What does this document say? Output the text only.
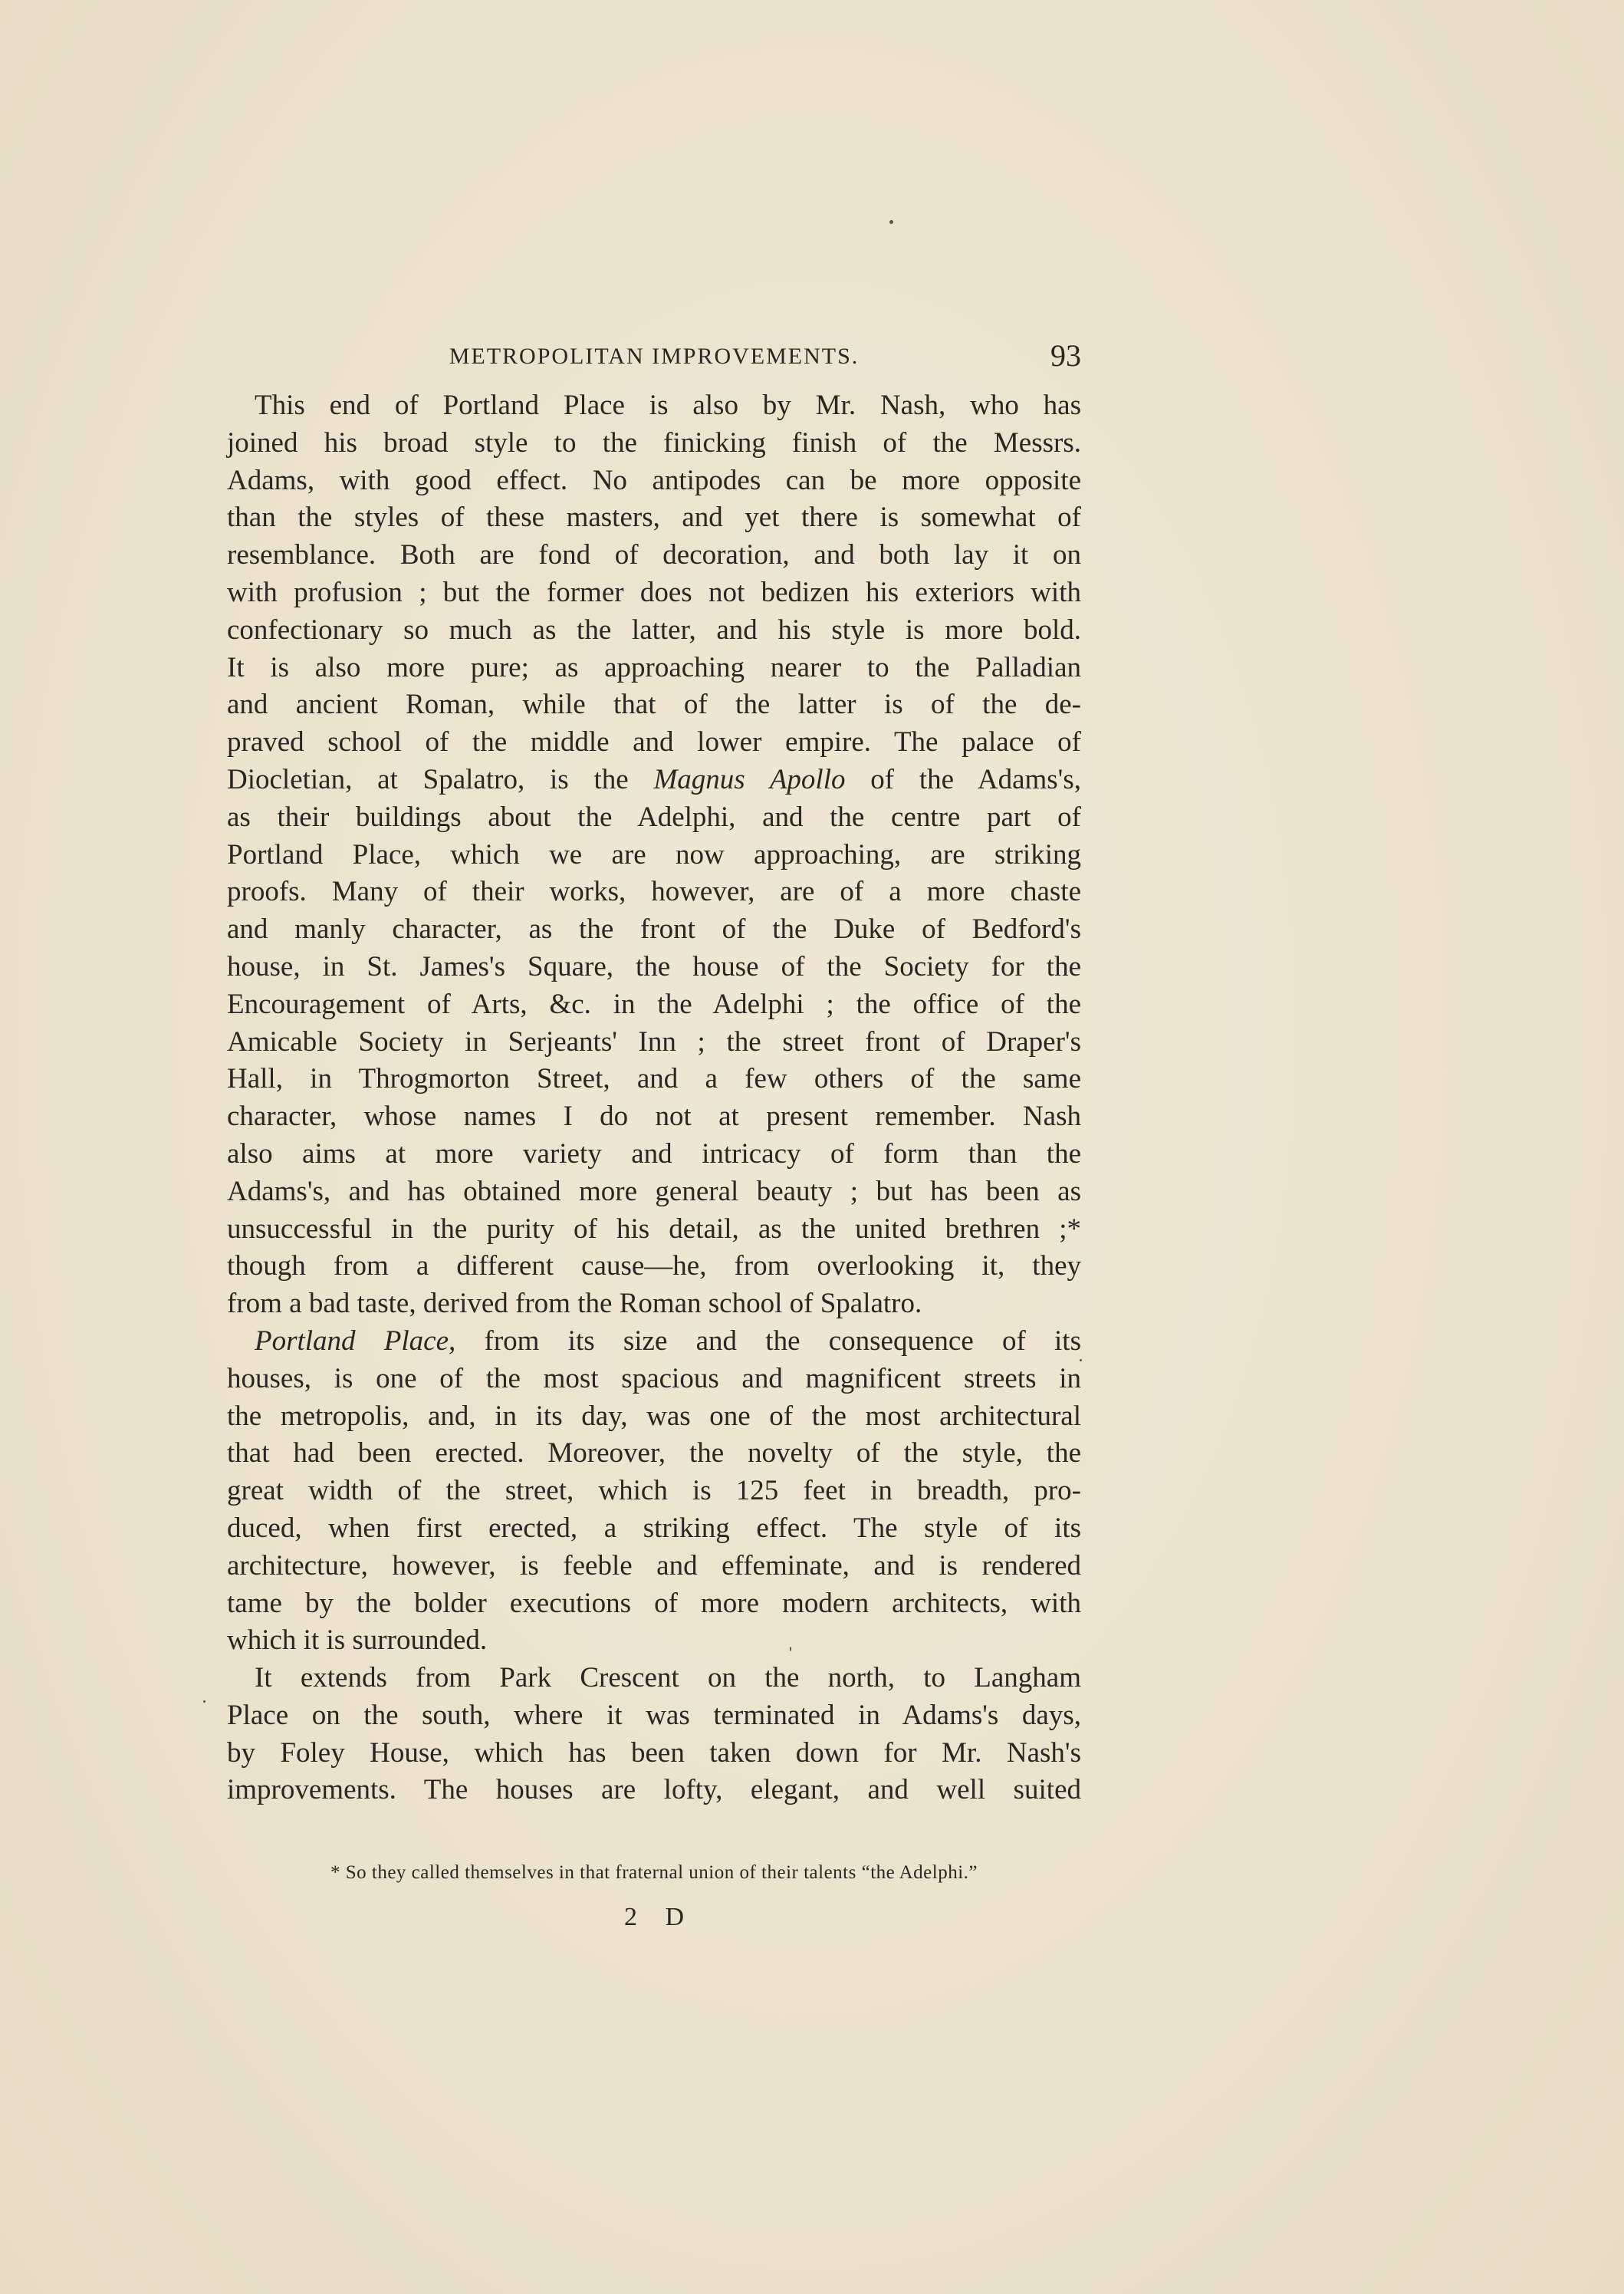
METROPOLITAN IMPROVEMENTS.	93
This end of Portland Place is also by Mr. Nash, who has
joined his broad style to the finicking finish of the Messrs.
Adams, with good effect. No antipodes can be more opposite
than the styles of these masters, and yet there is somewhat of
resemblance. Both are fond of decoration, and both lay it on
with profusion ; but the former does not bedizen his exteriors with
confectionary so much as the latter, and his style is more bold.
It is also more pure; as approaching nearer to the Palladian
and ancient Roman, while that of the latter is of the de-
praved school of the middle and lower empire. The palace of
Diocletian, at Spalatro, is the Magnus Apollo of the Adams's,
as their buildings about the Adelphi, and the centre part of
Portland Place, which we are now approaching, are striking
proofs. Many of their works, however, are of a more chaste
and manly character, as the front of the Duke of Bedford's
house, in St. James's Square, the house of the Society for the
Encouragement of Arts, &c. in the Adelphi ; the office of the
Amicable Society in Serjeants' Inn ; the street front of Draper's
Hall, in Throgmorton Street, and a few others of the same
character, whose names I do not at present remember. Nash
also aims at more variety and intricacy of form than the
Adams's, and has obtained more general beauty ; but has been as
unsuccessful in the purity of his detail, as the united brethren ;*
though from a different cause—he, from overlooking it, they
from a bad taste, derived from the Roman school of Spalatro.
Portland Place, from its size and the consequence of its
houses, is one of the most spacious and magnificent streets in
the metropolis, and, in its day, was one of the most architectural
that had been erected. Moreover, the novelty of the style, the
great width of the street, which is 125 feet in breadth, pro-
duced, when first erected, a striking effect. The style of its
architecture, however, is feeble and effeminate, and is rendered
tame by the bolder executions of more modern architects, with
which it is surrounded.
It extends from Park Crescent on the north, to Langham
Place on the south, where it was terminated in Adams's days,
by Foley House, which has been taken down for Mr. Nash's
improvements. The houses are lofty, elegant, and well suited
* So they called themselves in that fraternal union of their talents “the Adelphi.”
2 D
